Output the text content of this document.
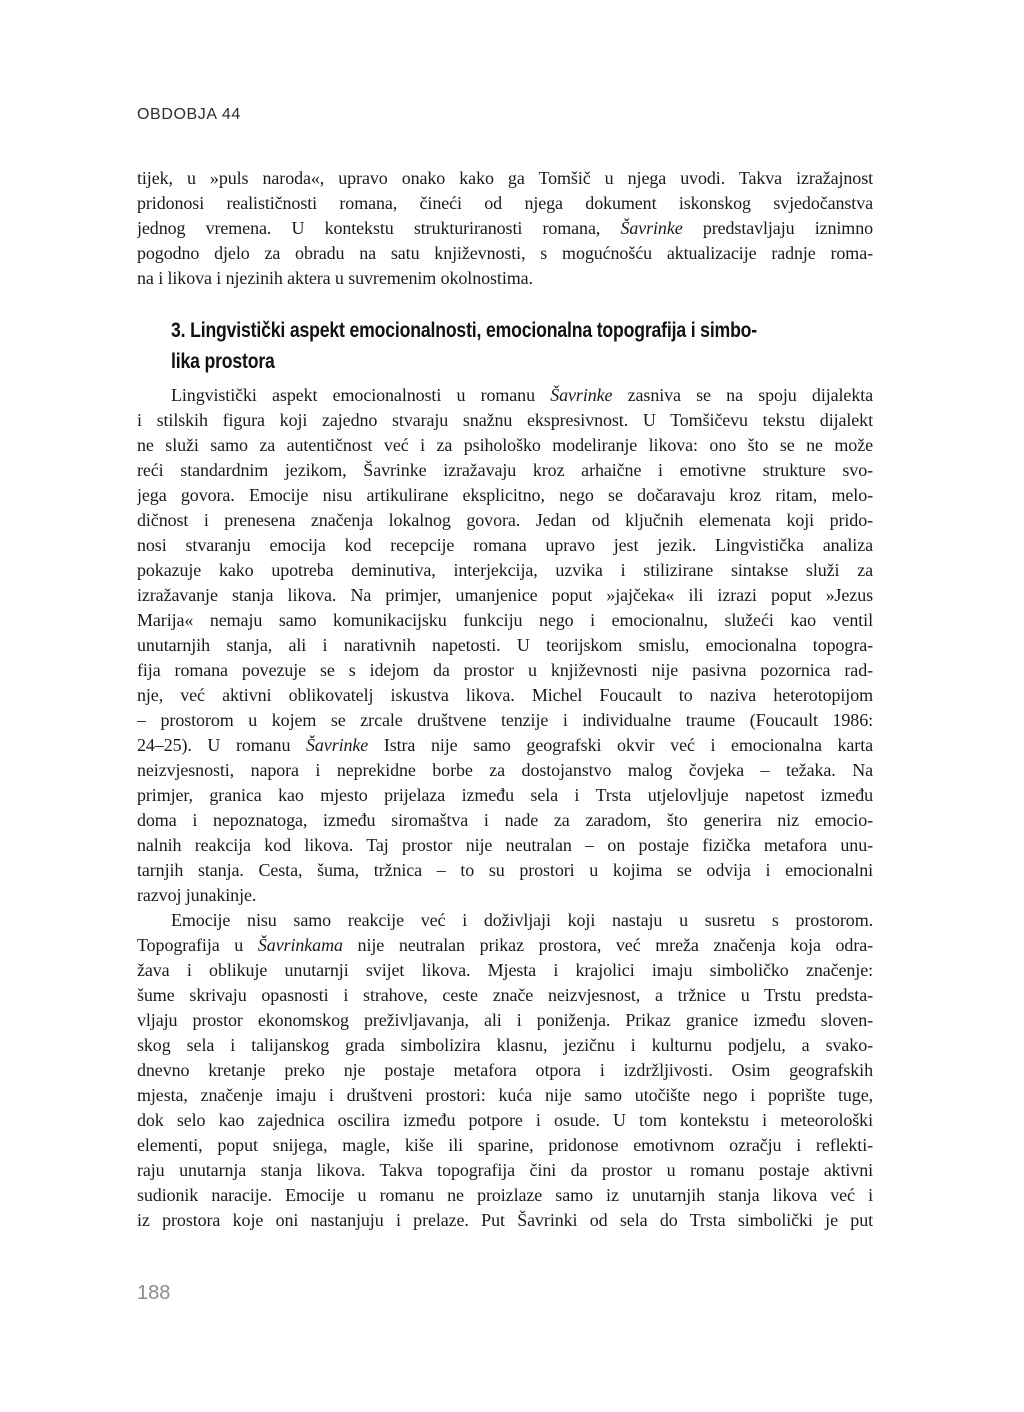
OBDOBJA 44
tijek, u »puls naroda«, upravo onako kako ga Tomšič u njega uvodi. Takva izražajnost
pridonosi realističnosti romana, čineći od njega dokument iskonskog svjedočanstva
jednog vremena. U kontekstu strukturiranosti romana, Šavrinke predstavljaju iznimno
pogodno djelo za obradu na satu književnosti, s mogućnošću aktualizacije radnje roma-
na i likova i njezinih aktera u suvremenim okolnostima.
3. Lingvistički aspekt emocionalnosti, emocionalna topografija i simbo-
lika prostora
Lingvistički aspekt emocionalnosti u romanu Šavrinke zasniva se na spoju dijalekta
i stilskih figura koji zajedno stvaraju snažnu ekspresivnost. U Tomšičevu tekstu dijalekt
ne služi samo za autentičnost već i za psihološko modeliranje likova: ono što se ne može
reći standardnim jezikom, Šavrinke izražavaju kroz arhaične i emotivne strukture svo-
jega govora. Emocije nisu artikulirane eksplicitno, nego se dočaravaju kroz ritam, melo-
dičnost i prenesena značenja lokalnog govora. Jedan od ključnih elemenata koji prido-
nosi stvaranju emocija kod recepcije romana upravo jest jezik. Lingvistička analiza
pokazuje kako upotreba deminutiva, interjekcija, uzvika i stilizirane sintakse služi za
izražavanje stanja likova. Na primjer, umanjenice poput »jajčeka« ili izrazi poput »Jezus
Marija« nemaju samo komunikacijsku funkciju nego i emocionalnu, služeći kao ventil
unutarnjih stanja, ali i narativnih napetosti. U teorijskom smislu, emocionalna topogra-
fija romana povezuje se s idejom da prostor u književnosti nije pasivna pozornica rad-
nje, već aktivni oblikovatelj iskustva likova. Michel Foucault to naziva heterotopijom
– prostorom u kojem se zrcale društvene tenzije i individualne traume (Foucault 1986:
24–25). U romanu Šavrinke Istra nije samo geografski okvir već i emocionalna karta
neizvjesnosti, napora i neprekidne borbe za dostojanstvo malog čovjeka – težaka. Na
primjer, granica kao mjesto prijelaza između sela i Trsta utjelovljuje napetost između
doma i nepoznatoga, između siromaštva i nade za zaradom, što generira niz emocio-
nalnih reakcija kod likova. Taj prostor nije neutralan – on postaje fizička metafora unu-
tarnjih stanja. Cesta, šuma, tržnica – to su prostori u kojima se odvija i emocionalni
razvoj junakinje.
Emocije nisu samo reakcije već i doživljaji koji nastaju u susretu s prostorom.
Topografija u Šavrinkama nije neutralan prikaz prostora, već mreža značenja koja odra-
žava i oblikuje unutarnji svijet likova. Mjesta i krajolici imaju simboličko značenje:
šume skrivaju opasnosti i strahove, ceste znače neizvjesnost, a tržnice u Trstu predsta-
vljaju prostor ekonomskog preživljavanja, ali i poniženja. Prikaz granice između sloven-
skog sela i talijanskog grada simbolizira klasnu, jezičnu i kulturnu podjelu, a svako-
dnevno kretanje preko nje postaje metafora otpora i izdržljivosti. Osim geografskih
mjesta, značenje imaju i društveni prostori: kuća nije samo utočište nego i poprište tuge,
dok selo kao zajednica oscilira između potpore i osude. U tom kontekstu i meteorološki
elementi, poput snijega, magle, kiše ili sparine, pridonose emotivnom ozračju i reflekti-
raju unutarnja stanja likova. Takva topografija čini da prostor u romanu postaje aktivni
sudionik naracije. Emocije u romanu ne proizlaze samo iz unutarnjih stanja likova već i
iz prostora koje oni nastanjuju i prelaze. Put Šavrinki od sela do Trsta simbolički je put
188
